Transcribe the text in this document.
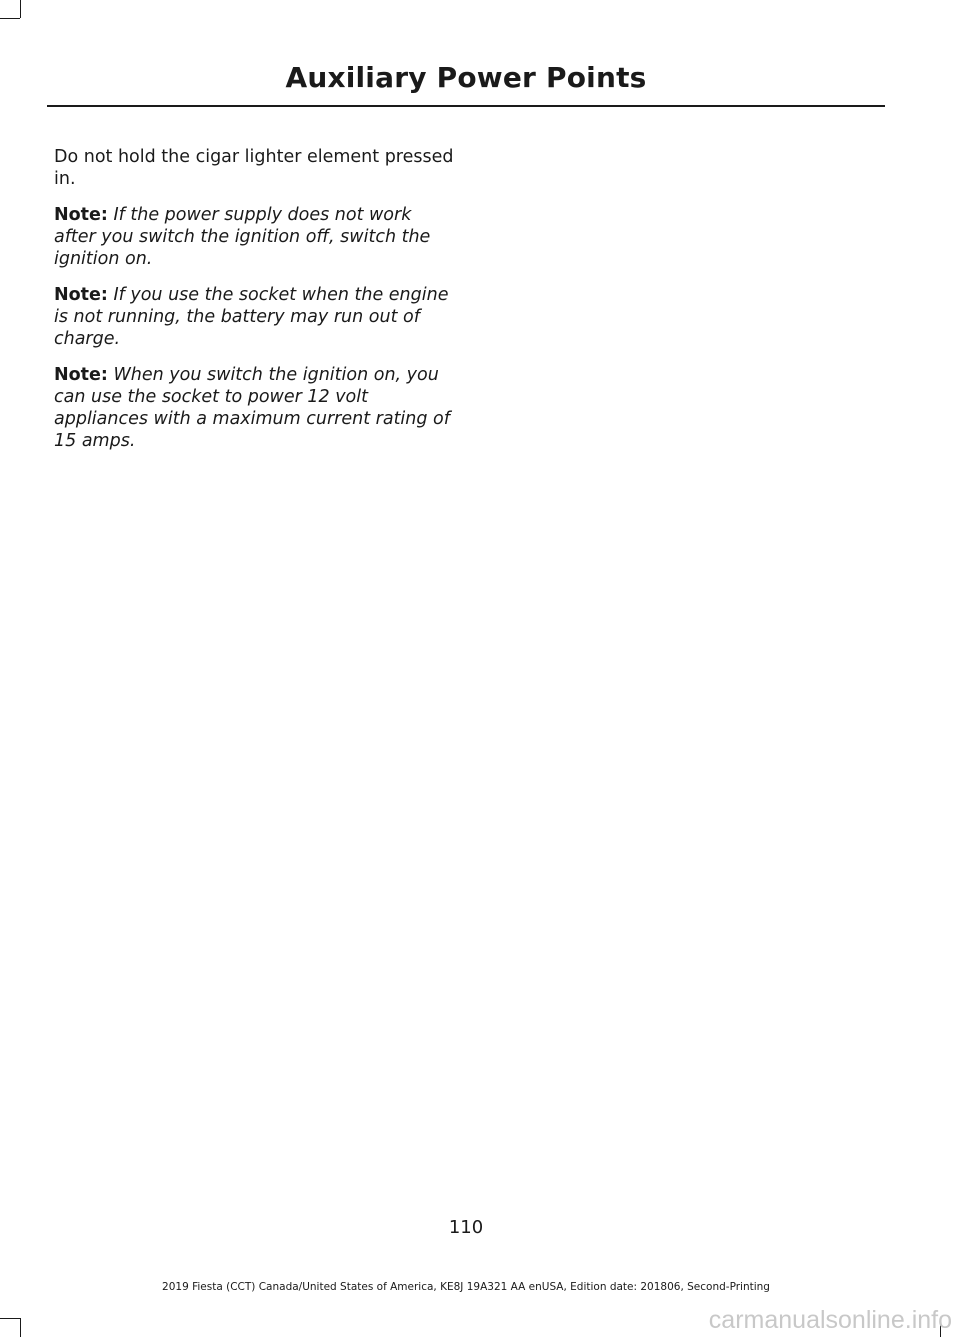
Auxiliary Power Points

Do not hold the cigar lighter element pressed in.

Note: If the power supply does not work after you switch the ignition off, switch the ignition on.

Note: If you use the socket when the engine is not running, the battery may run out of charge.

Note: When you switch the ignition on, you can use the socket to power 12 volt appliances with a maximum current rating of 15 amps.

110
2019 Fiesta (CCT) Canada/United States of America, KE8J 19A321 AA enUSA, Edition date: 201806, Second-Printing
carmanualsonline.info
